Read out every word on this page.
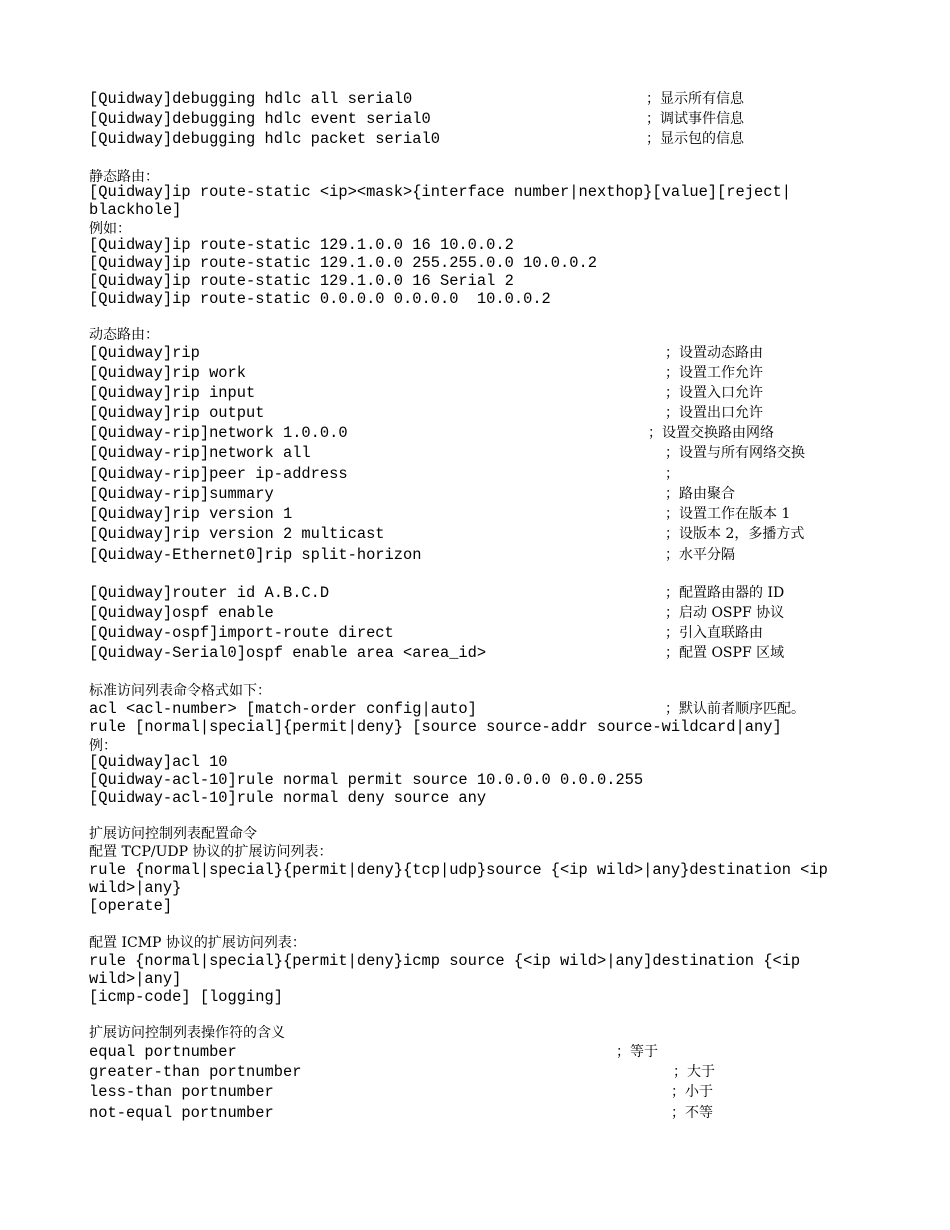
[Quidway]debugging hdlc all serial0	；显示所有信息
[Quidway]debugging hdlc event serial0	；调试事件信息
[Quidway]debugging hdlc packet serial0	；显示包的信息
静态路由：
[Quidway]ip route-static <ip><mask>{interface number|nexthop}[value][reject|
blackhole]
例如：
[Quidway]ip route-static 129.1.0.0 16 10.0.0.2
[Quidway]ip route-static 129.1.0.0 255.255.0.0 10.0.0.2
[Quidway]ip route-static 129.1.0.0 16 Serial 2
[Quidway]ip route-static 0.0.0.0 0.0.0.0  10.0.0.2
动态路由：
[Quidway]rip	；设置动态路由
[Quidway]rip work	；设置工作允许
[Quidway]rip input	；设置入口允许
[Quidway]rip output	；设置出口允许
[Quidway-rip]network 1.0.0.0	；设置交换路由网络
[Quidway-rip]network all	；设置与所有网络交换
[Quidway-rip]peer ip-address	；
[Quidway-rip]summary	；路由聚合
[Quidway]rip version 1	；设置工作在版本 1
[Quidway]rip version 2 multicast	；设版本 2，多播方式
[Quidway-Ethernet0]rip split-horizon	；水平分隔
[Quidway]router id A.B.C.D	；配置路由器的 ID
[Quidway]ospf enable	；启动 OSPF 协议
[Quidway-ospf]import-route direct	；引入直联路由
[Quidway-Serial0]ospf enable area <area_id>	；配置 OSPF 区域
标准访问列表命令格式如下：
acl <acl-number> [match-order config|auto]	；默认前者顺序匹配。
rule [normal|special]{permit|deny} [source source-addr source-wildcard|any]
例：
[Quidway]acl 10
[Quidway-acl-10]rule normal permit source 10.0.0.0 0.0.0.255
[Quidway-acl-10]rule normal deny source any
扩展访问控制列表配置命令
配置 TCP/UDP 协议的扩展访问列表：
rule {normal|special}{permit|deny}{tcp|udp}source {<ip wild>|any}destination <ip
wild>|any}
[operate]
配置 ICMP 协议的扩展访问列表：
rule {normal|special}{permit|deny}icmp source {<ip wild>|any]destination {<ip
wild>|any]
[icmp-code] [logging]
扩展访问控制列表操作符的含义
equal portnumber	；等于
greater-than portnumber	；大于
less-than portnumber	；小于
not-equal portnumber	；不等
